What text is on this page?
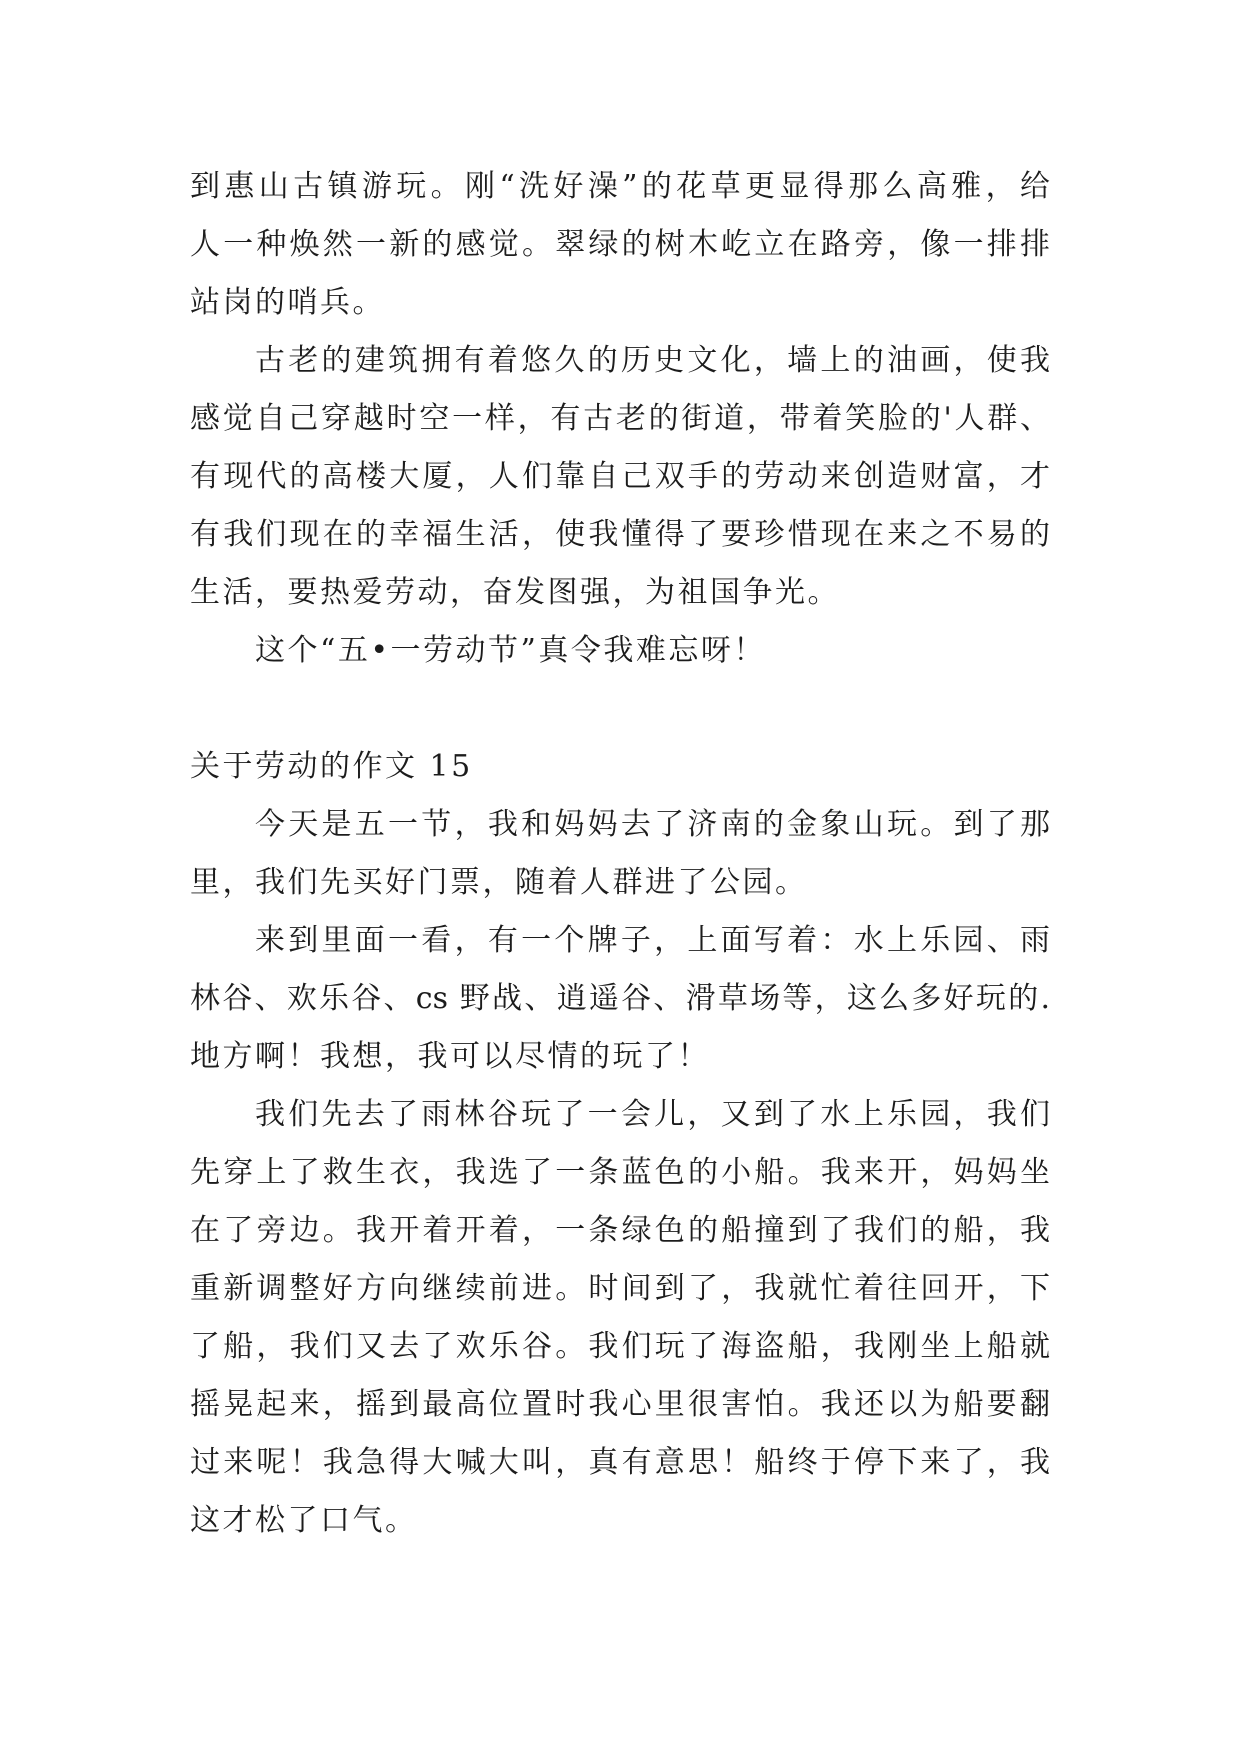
到惠山古镇游玩。刚“洗好澡”的花草更显得那么高雅，给
人一种焕然一新的感觉。翠绿的树木屹立在路旁，像一排排
站岗的哨兵。
古老的建筑拥有着悠久的历史文化，墙上的油画，使我
感觉自己穿越时空一样，有古老的街道，带着笑脸的'人群、
有现代的高楼大厦，人们靠自己双手的劳动来创造财富，才
有我们现在的幸福生活，使我懂得了要珍惜现在来之不易的
生活，要热爱劳动，奋发图强，为祖国争光。
这个“五•一劳动节”真令我难忘呀！
关于劳动的作文 15
今天是五一节，我和妈妈去了济南的金象山玩。到了那
里，我们先买好门票，随着人群进了公园。
来到里面一看，有一个牌子，上面写着：水上乐园、雨
林谷、欢乐谷、cs 野战、逍遥谷、滑草场等，这么多好玩的.
地方啊！我想，我可以尽情的玩了！
我们先去了雨林谷玩了一会儿，又到了水上乐园，我们
先穿上了救生衣，我选了一条蓝色的小船。我来开，妈妈坐
在了旁边。我开着开着，一条绿色的船撞到了我们的船，我
重新调整好方向继续前进。时间到了，我就忙着往回开，下
了船，我们又去了欢乐谷。我们玩了海盗船，我刚坐上船就
摇晃起来，摇到最高位置时我心里很害怕。我还以为船要翻
过来呢！我急得大喊大叫，真有意思！船终于停下来了，我
这才松了口气。
